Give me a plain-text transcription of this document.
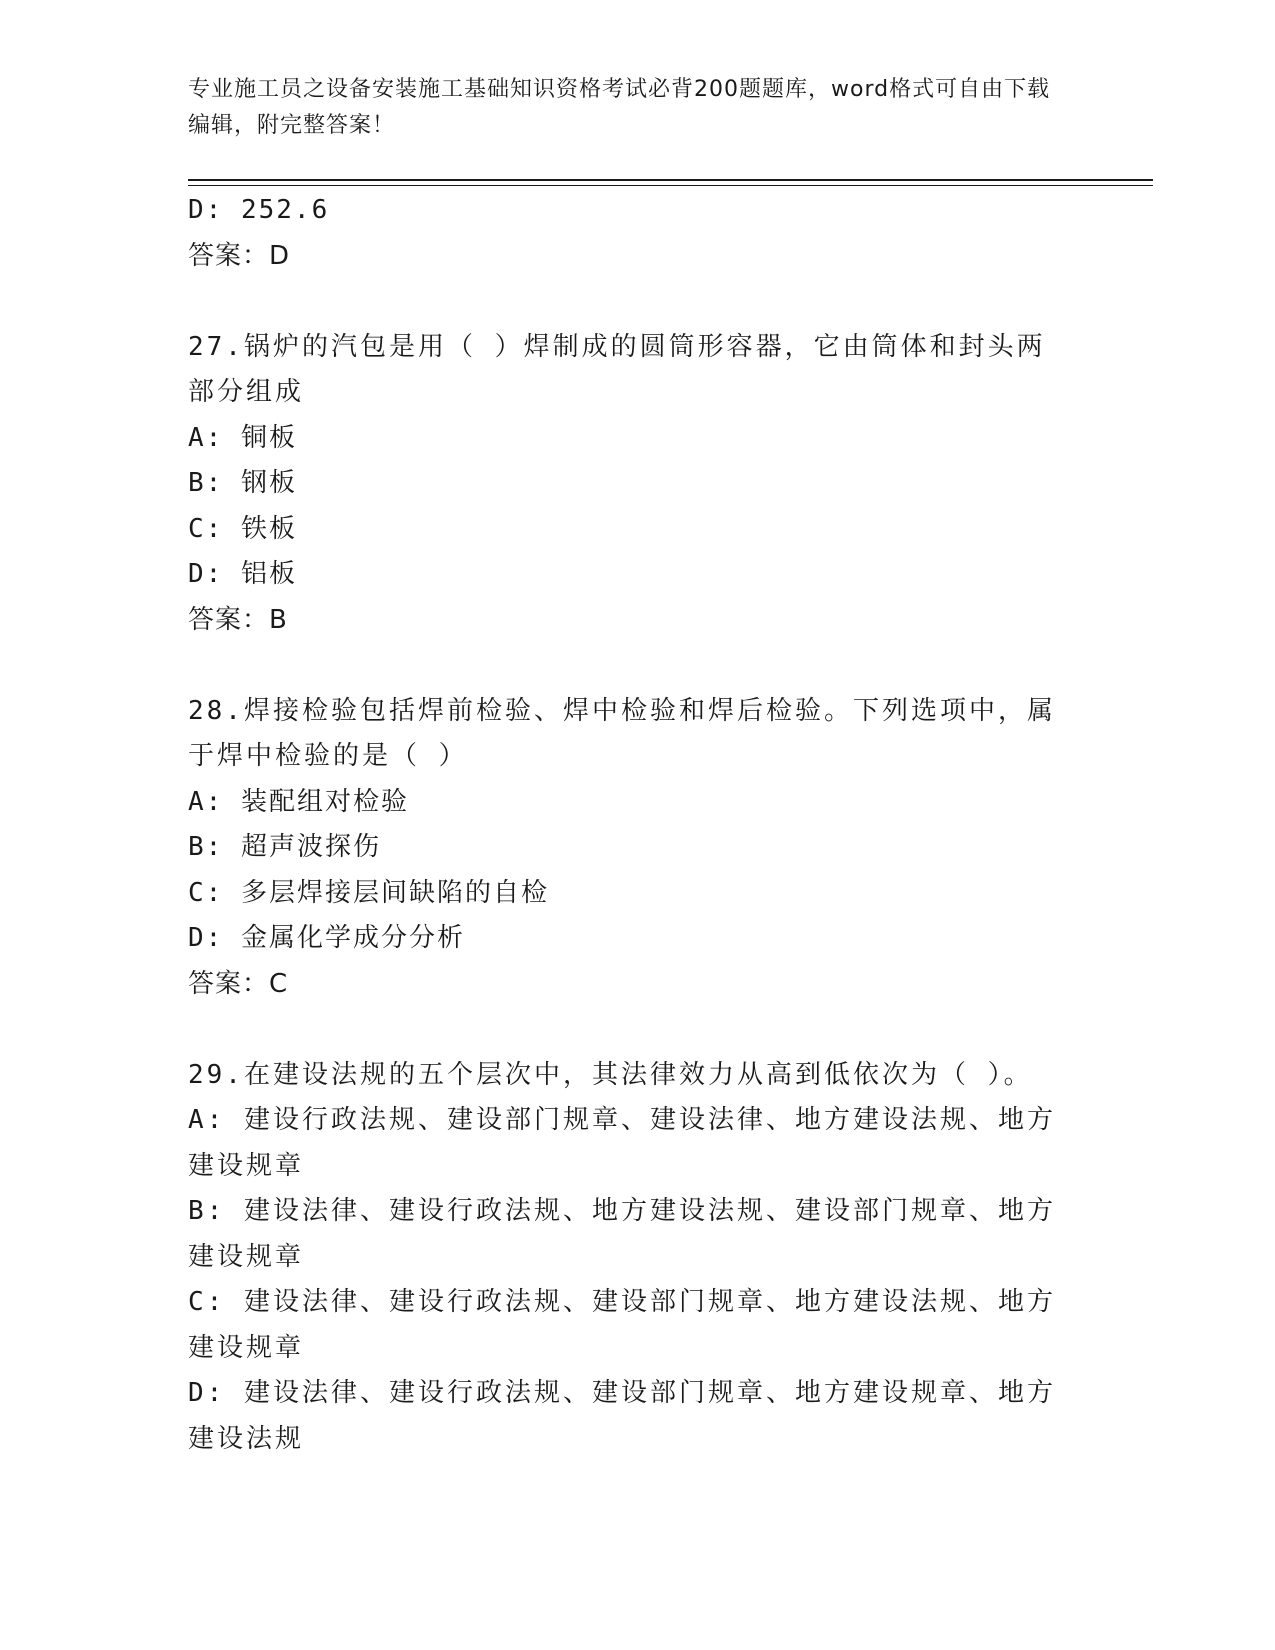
专业施工员之设备安装施工基础知识资格考试必背200题题库，word格式可自由下载编辑，附完整答案！
D: 252.6
答案：D
27.锅炉的汽包是用（ ）焊制成的圆筒形容器，它由筒体和封头两部分组成
A: 铜板
B: 钢板
C: 铁板
D: 铝板
答案：B
28.焊接检验包括焊前检验、焊中检验和焊后检验。下列选项中，属于焊中检验的是（ ）
A: 装配组对检验
B: 超声波探伤
C: 多层焊接层间缺陷的自检
D: 金属化学成分分析
答案：C
29.在建设法规的五个层次中，其法律效力从高到低依次为（ ）。
A: 建设行政法规、建设部门规章、建设法律、地方建设法规、地方建设规章
B: 建设法律、建设行政法规、地方建设法规、建设部门规章、地方建设规章
C: 建设法律、建设行政法规、建设部门规章、地方建设法规、地方建设规章
D: 建设法律、建设行政法规、建设部门规章、地方建设规章、地方建设法规
